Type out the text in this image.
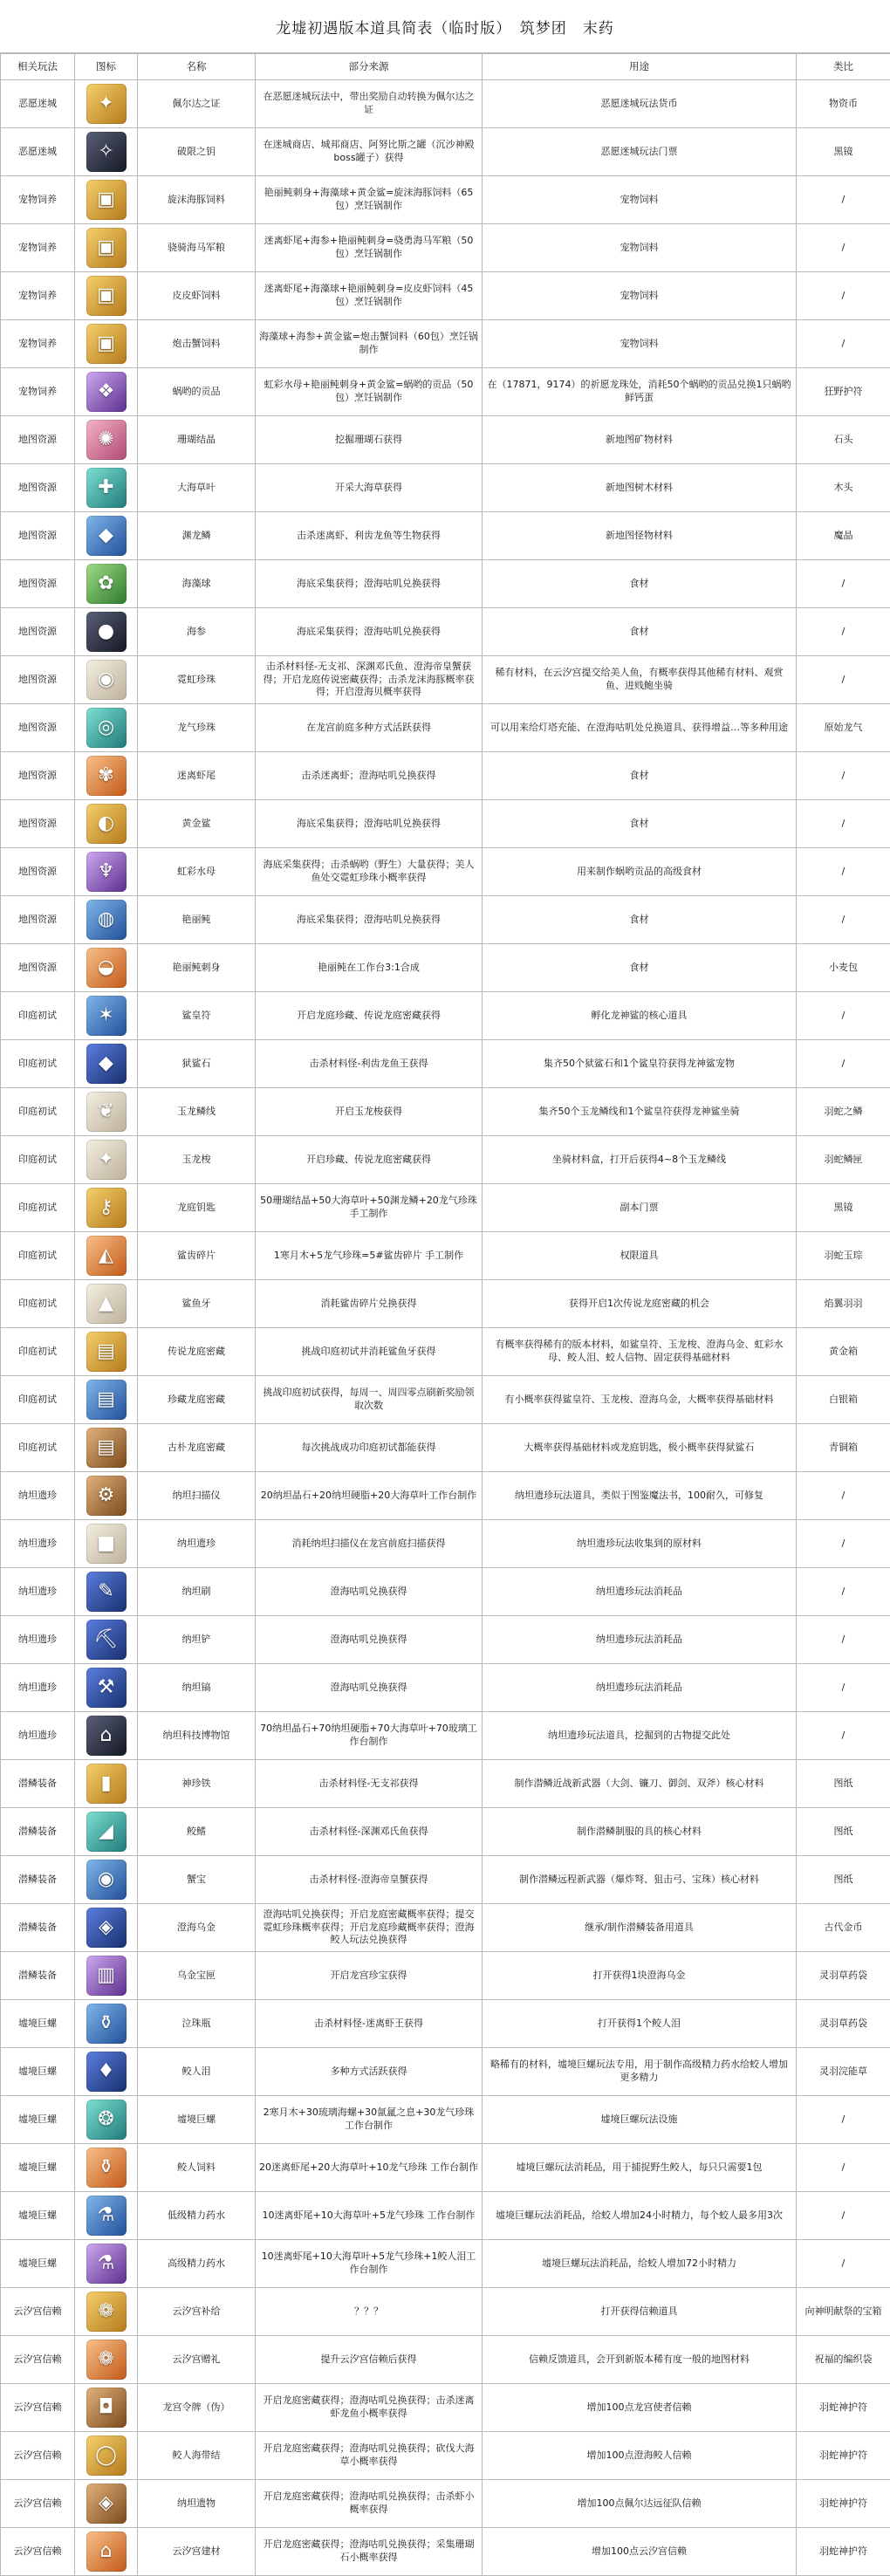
龙墟初遇版本道具简表（临时版）　筑梦团　末药
相关玩法	图标	名称	部分来源	用途	类比
恶愿迷城	✦	佩尔达之证	在恶愿迷城玩法中，带出奖励自动转换为佩尔达之证	恶愿迷城玩法货币	物资币
恶愿迷城	✧	破限之钥	在迷城商店、城邦商店、阿努比斯之罐（沉沙神殿boss罐子）获得	恶愿迷城玩法门票	黑镜
宠物饲养	▣	旋沫海豚饲料	艳丽鲀刺身+海藻球+黄金鲨=旋沫海豚饲料（65包）烹饪锅制作	宠物饲料	/
宠物饲养	▣	骁骑海马军粮	迷离虾尾+海参+艳丽鲀刺身=骁勇海马军粮（50包）烹饪锅制作	宠物饲料	/
宠物饲养	▣	皮皮虾饲料	迷离虾尾+海藻球+艳丽鲀刺身=皮皮虾饲料（45包）烹饪锅制作	宠物饲料	/
宠物饲养	▣	炮击蟹饲料	海藻球+海参+黄金鲨=炮击蟹饲料（60包）烹饪锅制作	宠物饲料	/
宠物饲养	❖	蜗哟的贡品	虹彩水母+艳丽鲀刺身+黄金鲨=蜗哟的贡品（50包）烹饪锅制作	在（17871，9174）的祈愿龙珠处，消耗50个蜗哟的贡品兑换1只蜗哟鲜钙蛋	狂野护符
地图资源	✺	珊瑚结晶	挖掘珊瑚石获得	新地图矿物材料	石头
地图资源	✚	大海草叶	开采大海草获得	新地图树木材料	木头
地图资源	◆	渊龙鳞	击杀迷离虾、利齿龙鱼等生物获得	新地图怪物材料	魔晶
地图资源	✿	海藻球	海底采集获得；澄海咕叽兑换获得	食材	/
地图资源	●	海参	海底采集获得；澄海咕叽兑换获得	食材	/
地图资源	◉	霓虹珍珠	击杀材料怪-无支祁、深渊邓氏鱼、澄海帝皇蟹获得；开启龙庭传说密藏获得；击杀龙沫海豚概率获得；开启澄海贝概率获得	稀有材料，在云汐宫提交给美人鱼，有概率获得其他稀有材料、观赏鱼、进贱鲍坐骑	/
地图资源	◎	龙气珍珠	在龙宫前庭多种方式活跃获得	可以用来给灯塔充能、在澄海咕叽处兑换道具、获得增益…等多种用途	原始龙气
地图资源	✾	迷离虾尾	击杀迷离虾；澄海咕叽兑换获得	食材	/
地图资源	◐	黄金鲨	海底采集获得；澄海咕叽兑换获得	食材	/
地图资源	♆	虹彩水母	海底采集获得；击杀蜗哟（野生）大量获得；美人鱼处交霓虹珍珠小概率获得	用来制作蜗哟贡品的高级食材	/
地图资源	◍	艳丽鲀	海底采集获得；澄海咕叽兑换获得	食材	/
地图资源	◒	艳丽鲀刺身	艳丽鲀在工作台3:1合成	食材	小麦包
印庭初试	✶	鲨皇符	开启龙庭珍藏、传说龙庭密藏获得	孵化龙神鲨的核心道具	/
印庭初试	◆	狱鲨石	击杀材料怪-利齿龙鱼王获得	集齐50个狱鲨石和1个鲨皇符获得龙神鲨宠物	/
印庭初试	❦	玉龙鳞线	开启玉龙梭获得	集齐50个玉龙鳞线和1个鲨皇符获得龙神鲨坐骑	羽蛇之鳞
印庭初试	✦	玉龙梭	开启珍藏、传说龙庭密藏获得	坐骑材料盒，打开后获得4~8个玉龙鳞线	羽蛇鳞匣
印庭初试	⚷	龙庭钥匙	50珊瑚结晶+50大海草叶+50渊龙鳞+20龙气珍珠手工制作	副本门票	黑镜
印庭初试	◭	鲨齿碎片	1寒月木+5龙气珍珠=5#鲨齿碎片 手工制作	权限道具	羽蛇玉琮
印庭初试	▲	鲨鱼牙	消耗鲨齿碎片兑换获得	获得开启1次传说龙庭密藏的机会	焰翼羽羽
印庭初试	▤	传说龙庭密藏	挑战印庭初试并消耗鲨鱼牙获得	有概率获得稀有的版本材料，如鲨皇符、玉龙梭、澄海乌金、虹彩水母、鲛人泪、蛟人信物、固定获得基础材料	黄金箱
印庭初试	▤	珍藏龙庭密藏	挑战印庭初试获得，每周一、周四零点刷新奖励领取次数	有小概率获得鲨皇符、玉龙梭、澄海乌金，大概率获得基础材料	白银箱
印庭初试	▤	古朴龙庭密藏	每次挑战成功印庭初试都能获得	大概率获得基础材料或龙庭钥匙，极小概率获得狱鲨石	青铜箱
纳坦遗珍	⚙	纳坦扫描仪	20纳坦晶石+20纳坦硬脂+20大海草叶工作台制作	纳坦遗珍玩法道具，类似于图鉴魔法书，100耐久，可修复	/
纳坦遗珍	■	纳坦遗珍	消耗纳坦扫描仪在龙宫前庭扫描获得	纳坦遗珍玩法收集到的原材料	/
纳坦遗珍	✎	纳坦刷	澄海咕叽兑换获得	纳坦遗珍玩法消耗品	/
纳坦遗珍	⛏	纳坦铲	澄海咕叽兑换获得	纳坦遗珍玩法消耗品	/
纳坦遗珍	⚒	纳坦镐	澄海咕叽兑换获得	纳坦遗珍玩法消耗品	/
纳坦遗珍	⌂	纳坦科技博物馆	70纳坦晶石+70纳坦硬脂+70大海草叶+70玻璃工作台制作	纳坦遗珍玩法道具，挖掘到的古物提交此处	/
潜鳞装备	▮	神珍铁	击杀材料怪-无支祁获得	制作潜鳞近战新武器（大剑、镰刀、御剑、双斧）核心材料	图纸
潜鳞装备	◢	鲛鳍	击杀材料怪-深渊邓氏鱼获得	制作潜鳞制服的具的核心材料	图纸
潜鳞装备	◉	蟹宝	击杀材料怪-澄海帝皇蟹获得	制作潜鳞远程新武器（爆炸弩、狙击弓、宝珠）核心材料	图纸
潜鳞装备	◈	澄海乌金	澄海咕叽兑换获得；开启龙庭密藏概率获得；提交霓虹珍珠概率获得；开启龙庭珍藏概率获得；澄海鲛人玩法兑换获得	继承/制作潜鳞装备用道具	古代金币
潜鳞装备	▥	乌金宝匣	开启龙宫珍宝获得	打开获得1块澄海乌金	灵羽草药袋
墟境巨螺	⚱	泣珠瓶	击杀材料怪-迷离虾王获得	打开获得1个鲛人泪	灵羽草药袋
墟境巨螺	♦	鲛人泪	多种方式活跃获得	略稀有的材料，墟境巨螺玩法专用，用于制作高级精力药水给蛟人增加更多精力	灵羽浣能草
墟境巨螺	❂	墟境巨螺	2寒月木+30琉璃海螺+30氤氲之息+30龙气珍珠工作台制作	墟境巨螺玩法设施	/
墟境巨螺	⚱	鲛人饲料	20迷离虾尾+20大海草叶+10龙气珍珠 工作台制作	墟境巨螺玩法消耗品，用于捕捉野生鲛人，每只只需要1包	/
墟境巨螺	⚗	低级精力药水	10迷离虾尾+10大海草叶+5龙气珍珠 工作台制作	墟境巨螺玩法消耗品，给蛟人增加24小时精力，每个蛟人最多用3次	/
墟境巨螺	⚗	高级精力药水	10迷离虾尾+10大海草叶+5龙气珍珠+1鲛人泪工作台制作	墟境巨螺玩法消耗品，给蛟人增加72小时精力	/
云汐宫信赖	❁	云汐宫补给	？？？	打开获得信赖道具	向神明献祭的宝箱
云汐宫信赖	❁	云汐宫赠礼	提升云汐宫信赖后获得	信赖反馈道具，会开到新版本稀有度一般的地图材料	祝福的编织袋
云汐宫信赖	◘	龙宫令牌（伪）	开启龙庭密藏获得；澄海咕叽兑换获得；击杀迷离虾龙鱼小概率获得	增加100点龙宫使者信赖	羽蛇神护符
云汐宫信赖	◯	鲛人海带结	开启龙庭密藏获得；澄海咕叽兑换获得；砍伐大海草小概率获得	增加100点澄海鲛人信赖	羽蛇神护符
云汐宫信赖	◈	纳坦遗物	开启龙庭密藏获得；澄海咕叽兑换获得；击杀虾小概率获得	增加100点佩尔达远征队信赖	羽蛇神护符
云汐宫信赖	⌂	云汐宫建材	开启龙庭密藏获得；澄海咕叽兑换获得；采集珊瑚石小概率获得	增加100点云汐宫信赖	羽蛇神护符
